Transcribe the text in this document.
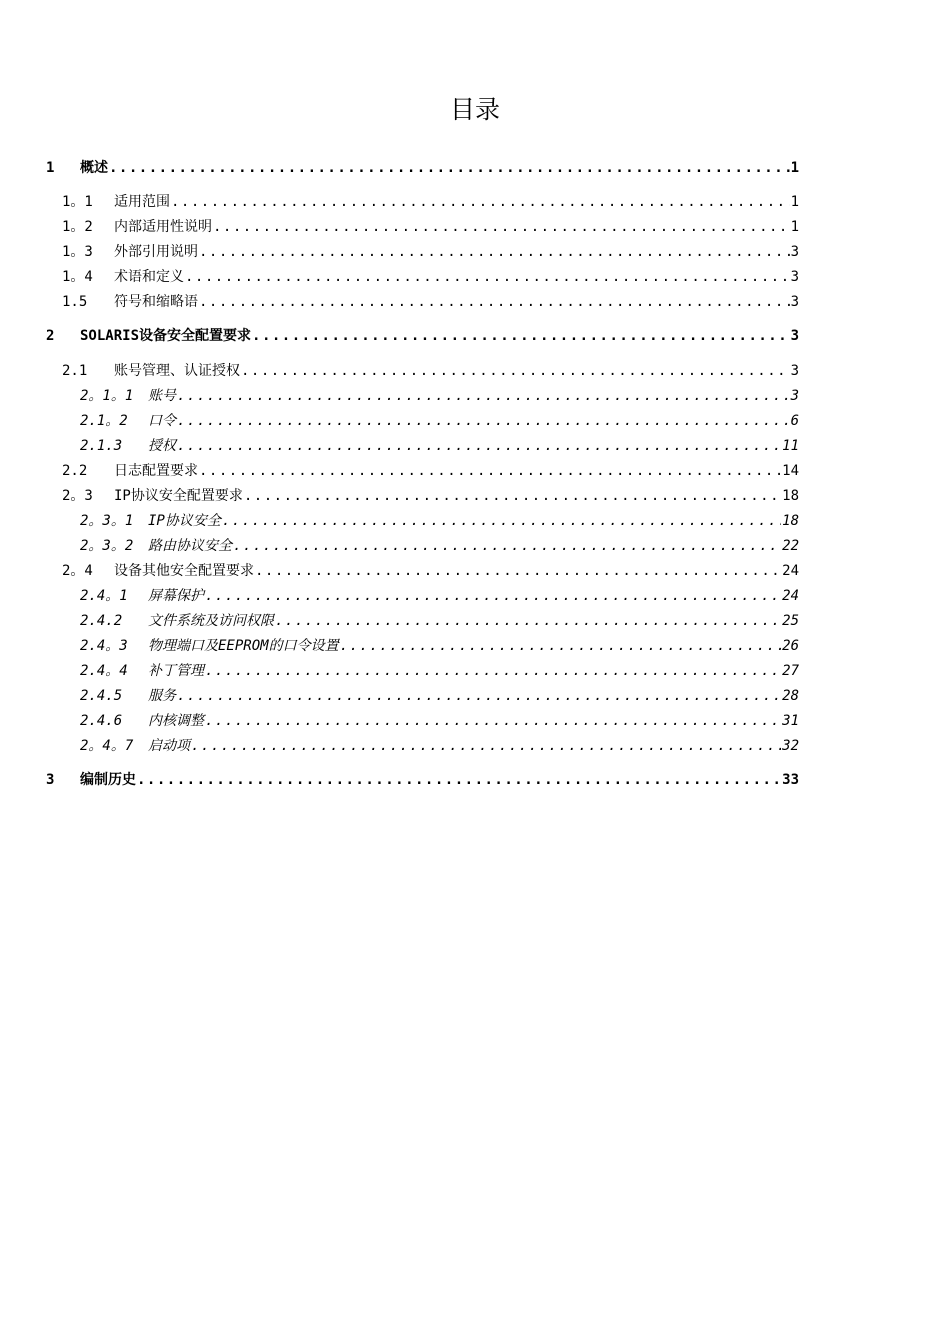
目录
1	概述 .....	1
1。1	适用范围 .....	1
1。2	内部适用性说明 .....	1
1。3	外部引用说明 .....	3
1。4	术语和定义 .....	3
1.5	符号和缩略语 .....	3
2	SOLARIS设备安全配置要求 .....	3
2.1	账号管理、认证授权 .....	3
2。1。1	账号 .....	3
2.1。2	口令 .....	6
2.1.3	授权 .....	11
2.2	日志配置要求 .....	14
2。3	IP协议安全配置要求 .....	18
2。3。1	IP协议安全 .....	18
2。3。2	路由协议安全 .....	22
2。4	设备其他安全配置要求 .....	24
2.4。1	屏幕保护 .....	24
2.4.2	文件系统及访问权限 .....	25
2.4。3	物理端口及EEPROM的口令设置 .....	26
2.4。4	补丁管理 .....	27
2.4.5	服务 .....	28
2.4.6	内核调整 .....	31
2。4。7	启动项 .....	32
3	编制历史 .....	33
